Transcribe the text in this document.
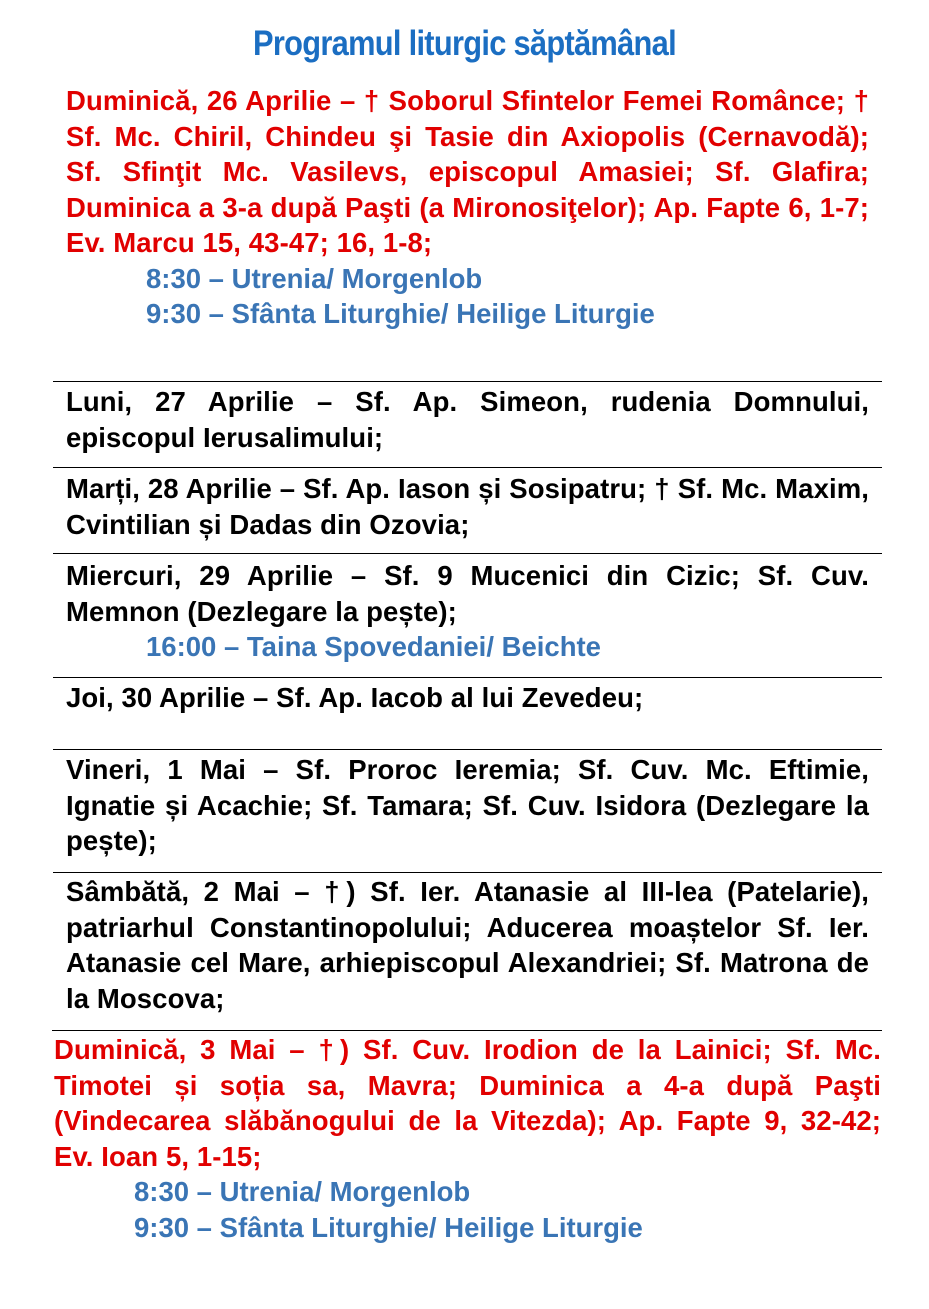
Programul liturgic săptămânal
Duminică, 26 Aprilie – † Soborul Sfintelor Femei Românce; † Sf. Mc. Chiril, Chindeu şi Tasie din Axiopolis (Cernavodă); Sf. Sfinţit Mc. Vasilevs, episcopul Amasiei; Sf. Glafira; Duminica a 3-a după Paşti (a Mironosiţelor); Ap. Fapte 6, 1-7; Ev. Marcu 15, 43-47; 16, 1-8;
8:30 – Utrenia/ Morgenlob
9:30 – Sfânta Liturghie/ Heilige Liturgie
Luni, 27 Aprilie – Sf. Ap. Simeon, rudenia Domnului, episcopul Ierusalimului;
Marți, 28 Aprilie – Sf. Ap. Iason și Sosipatru; † Sf. Mc. Maxim, Cvintilian și Dadas din Ozovia;
Miercuri, 29 Aprilie – Sf. 9 Mucenici din Cizic; Sf. Cuv. Memnon (Dezlegare la pește);
16:00 – Taina Spovedaniei/ Beichte
Joi, 30 Aprilie – Sf. Ap. Iacob al lui Zevedeu;
Vineri, 1 Mai – Sf. Proroc Ieremia; Sf. Cuv. Mc. Eftimie, Ignatie și Acachie; Sf. Tamara; Sf. Cuv. Isidora (Dezlegare la pește);
Sâmbătă, 2 Mai – †) Sf. Ier. Atanasie al III-lea (Patelarie), patriarhul Constantinopolului; Aducerea moaștelor Sf. Ier. Atanasie cel Mare, arhiepiscopul Alexandriei; Sf. Matrona de la Moscova;
Duminică, 3 Mai – †) Sf. Cuv. Irodion de la Lainici; Sf. Mc. Timotei și soția sa, Mavra; Duminica a 4-a după Paşti (Vindecarea slăbănogului de la Vitezda); Ap. Fapte 9, 32-42; Ev. Ioan 5, 1-15;
8:30 – Utrenia/ Morgenlob
9:30 – Sfânta Liturghie/ Heilige Liturgie
